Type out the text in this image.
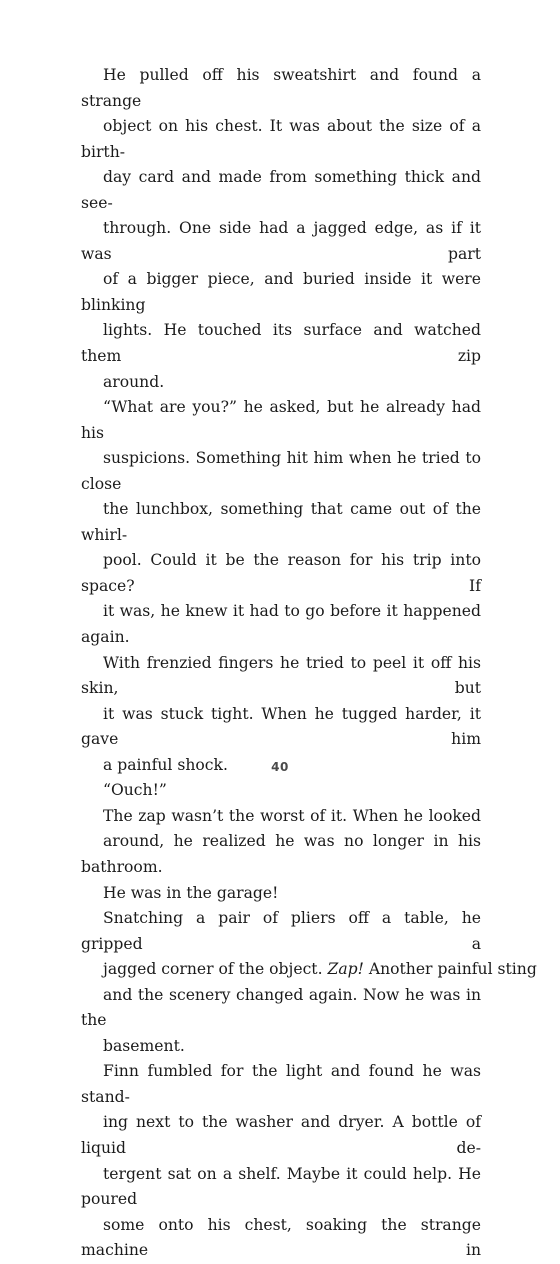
He pulled off his sweatshirt and found a strange
object on his chest. It was about the size of a birth-
day card and made from something thick and see-
through. One side had a jagged edge, as if it was part
of a bigger piece, and buried inside it were blinking
lights. He touched its surface and watched them zip
around.

“What are you?” he asked, but he already had his
suspicions. Something hit him when he tried to close
the lunchbox, something that came out of the whirl-
pool. Could it be the reason for his trip into space? If
it was, he knew it had to go before it happened again.
With frenzied fingers he tried to peel it off his skin, but
it was stuck tight. When he tugged harder, it gave him
a painful shock.

“Ouch!”

The zap wasn’t the worst of it. When he looked
around, he realized he was no longer in his bathroom.
He was in the garage!

Snatching a pair of pliers off a table, he gripped a
jagged corner of the object. Zap! Another painful sting
and the scenery changed again. Now he was in the
basement.

Finn fumbled for the light and found he was stand-
ing next to the washer and dryer. A bottle of liquid de-
tergent sat on a shelf. Maybe it could help. He poured
some onto his chest, soaking the strange machine in

40
